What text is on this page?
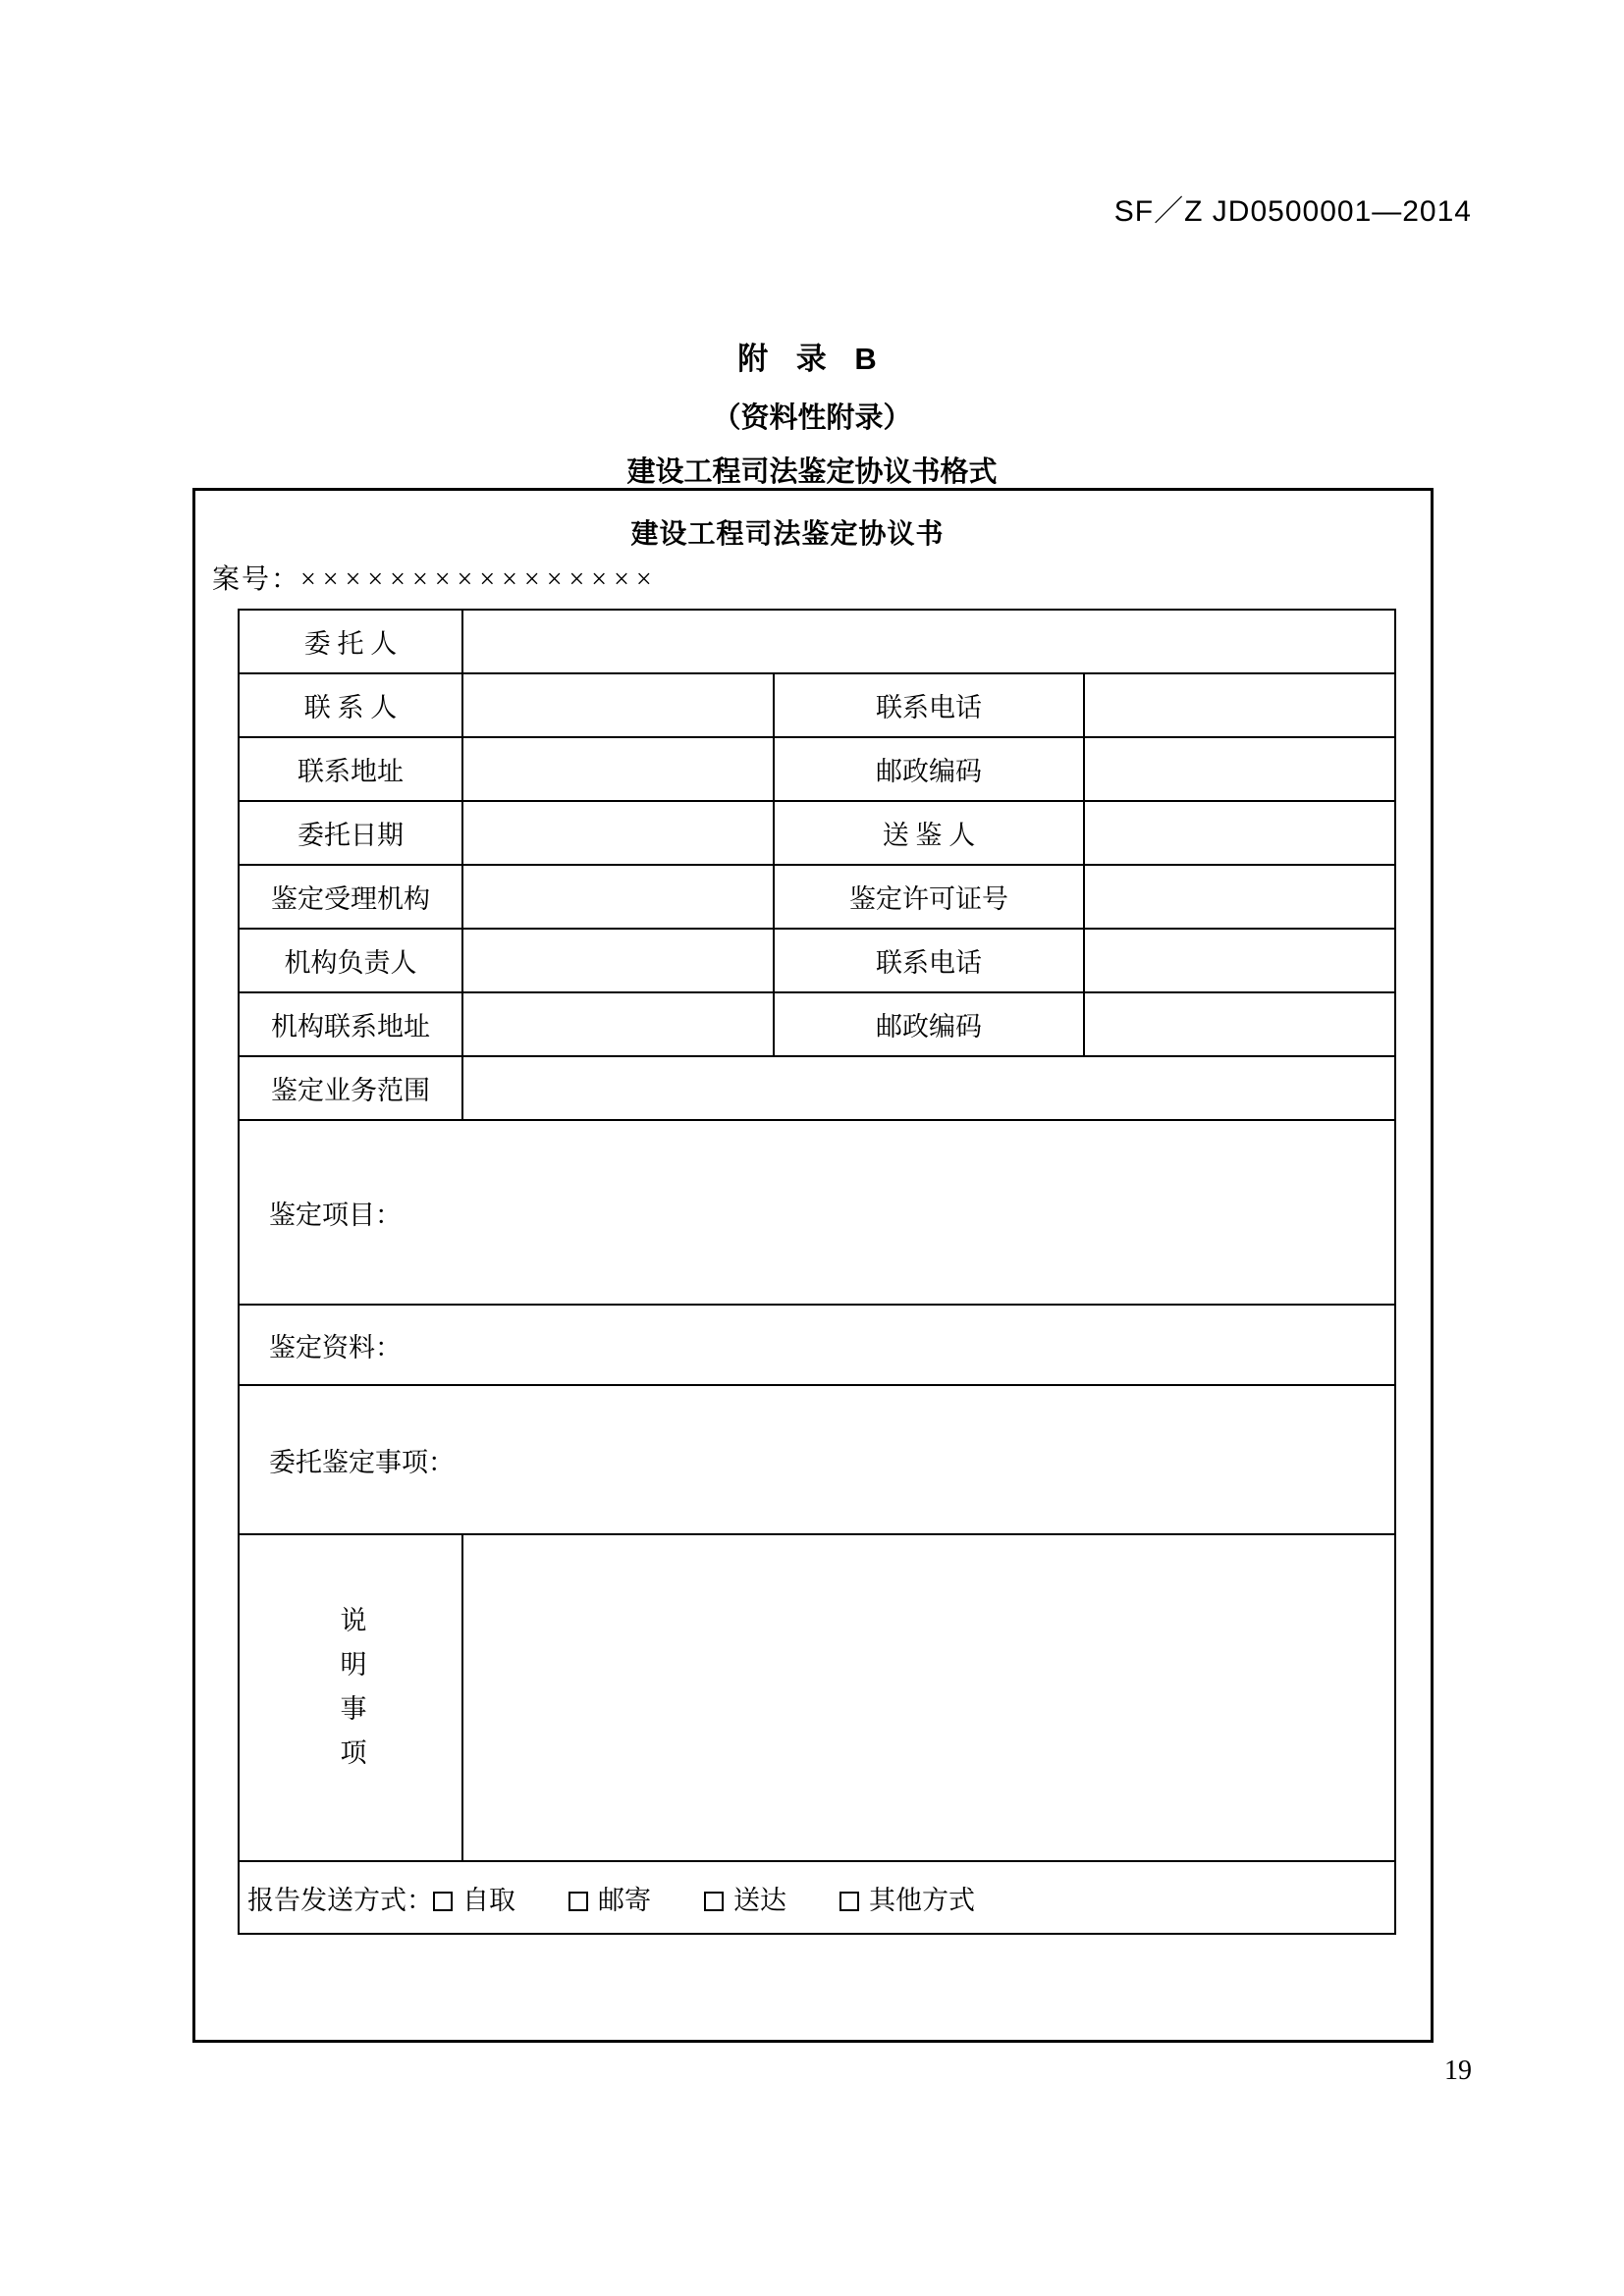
SF／Z JD0500001—2014
附 录 B
（资料性附录）
建设工程司法鉴定协议书格式
建设工程司法鉴定协议书
案号：××××××××××××××××
委 托 人			
联 系 人		联系电话	
联系地址		邮政编码	
委托日期		送 鉴 人	
鉴定受理机构		鉴定许可证号	
机构负责人		联系电话	
机构联系地址		邮政编码	
鉴定业务范围			

鉴定项目：			

鉴定资料：			

委托鉴定事项：			

说明事项			
报告发送方式： 自取 邮寄 送达 其他方式			
19
